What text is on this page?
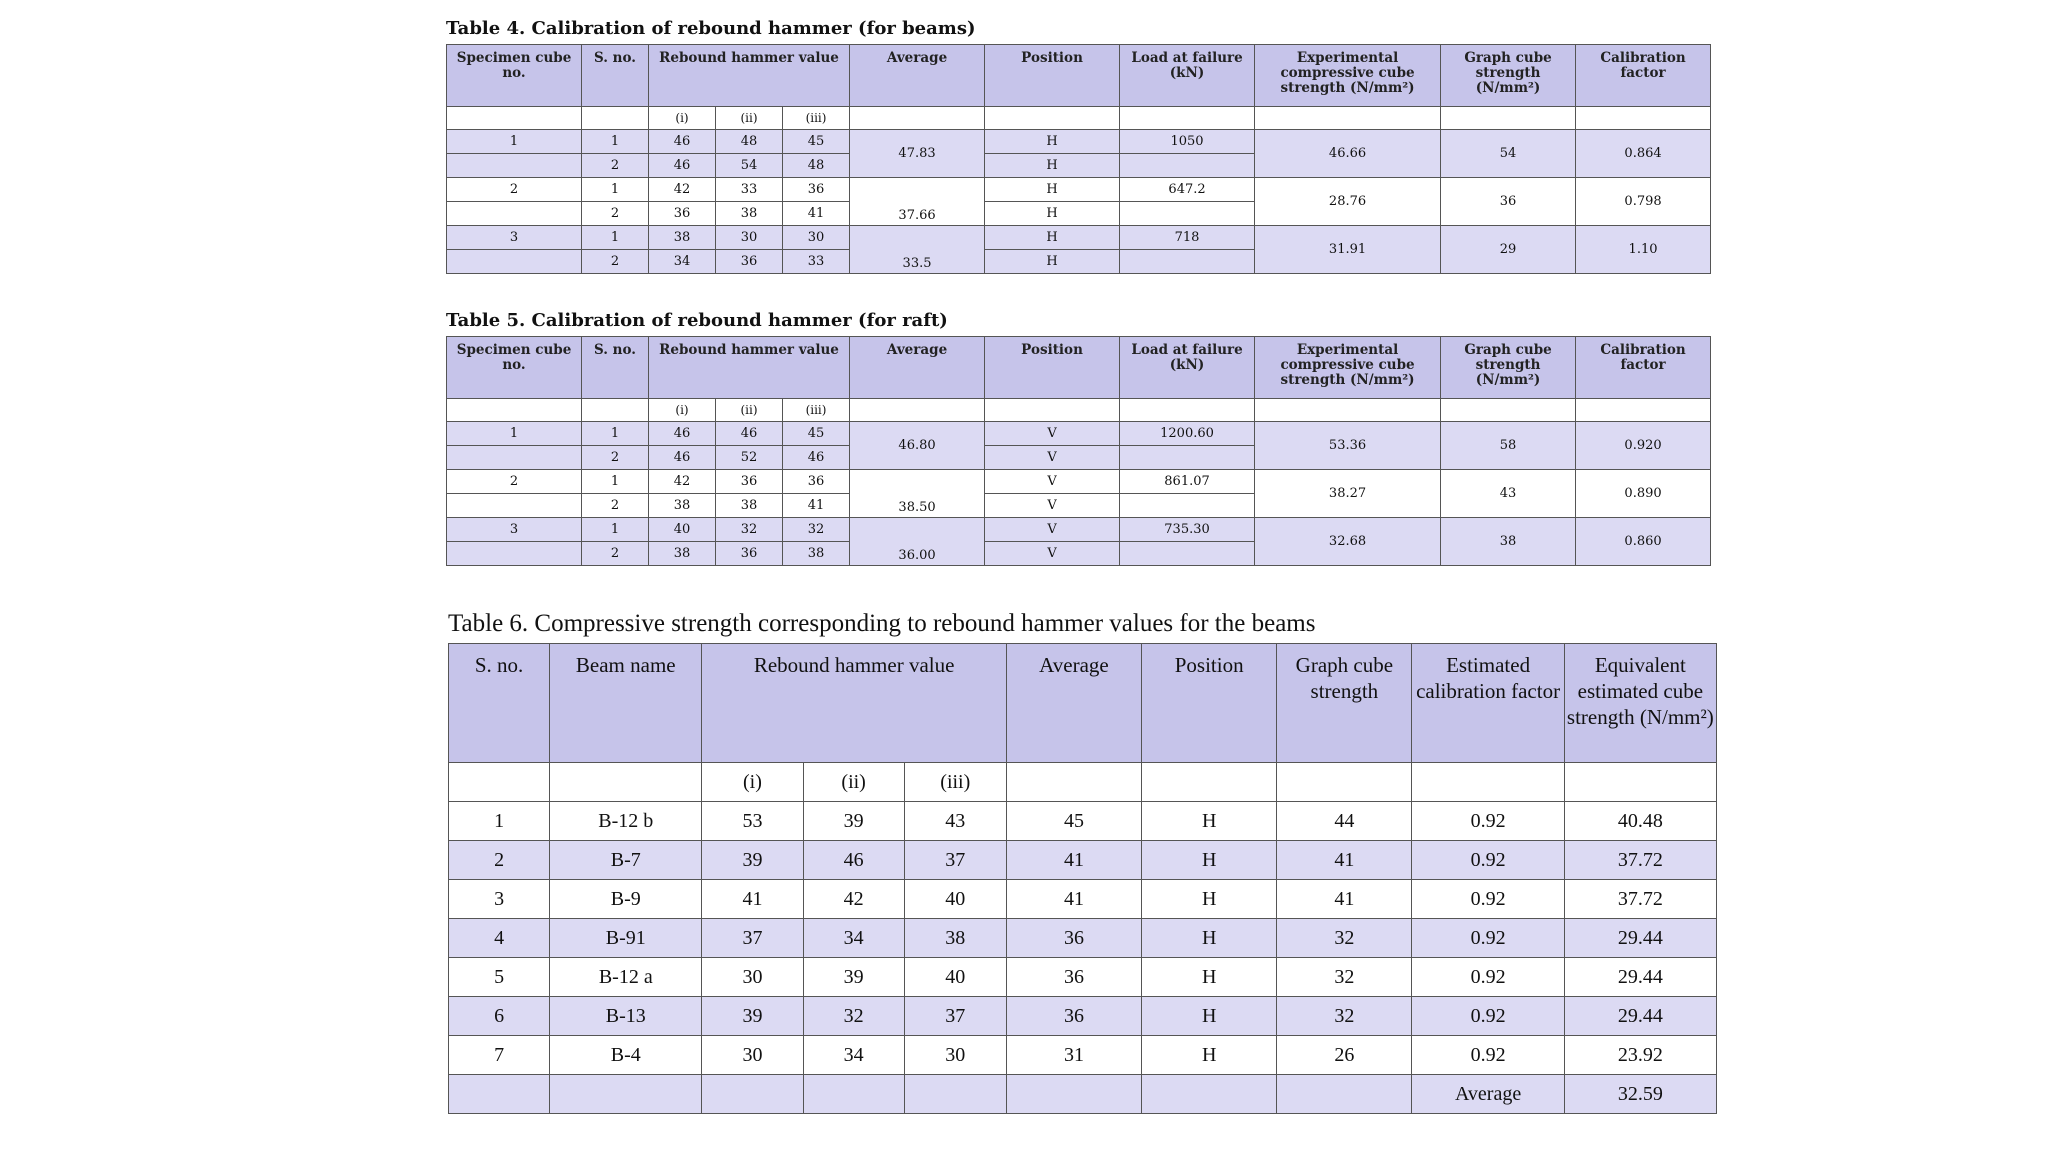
Table 4. Calibration of rebound hammer (for beams)
Specimen cube no.	S. no.	Rebound hammer value			Average	Position	Load at failure (kN)	Experimental compressive cube strength (N/mm²)	Graph cube strength (N/mm²)	Calibration factor
		(i)	(ii)	(iii)						
1	1	46	48	45	47.83	H	1050	46.66	54	0.864
	2	46	54	48		H				
2	1	42	33	36	37.66	H	647.2	28.76	36	0.798
	2	36	38	41		H				
3	1	38	30	30	33.5	H	718	31.91	29	1.10
	2	34	36	33		H				
Table 5. Calibration of rebound hammer (for raft)
Specimen cube no.	S. no.	Rebound hammer value			Average	Position	Load at failure (kN)	Experimental compressive cube strength (N/mm²)	Graph cube strength (N/mm²)	Calibration factor
		(i)	(ii)	(iii)						
1	1	46	46	45	46.80	V	1200.60	53.36	58	0.920
	2	46	52	46		V				
2	1	42	36	36	38.50	V	861.07	38.27	43	0.890
	2	38	38	41		V				
3	1	40	32	32	36.00	V	735.30	32.68	38	0.860
	2	38	36	38		V				
Table 6. Compressive strength corresponding to rebound hammer values for the beams
S. no.	Beam name	Rebound hammer value			Average	Position	Graph cube strength	Estimated calibration factor	Equivalent estimated cube strength (N/mm²)
		(i)	(ii)	(iii)					
1	B-12 b	53	39	43	45	H	44	0.92	40.48
2	B-7	39	46	37	41	H	41	0.92	37.72
3	B-9	41	42	40	41	H	41	0.92	37.72
4	B-91	37	34	38	36	H	32	0.92	29.44
5	B-12 a	30	39	40	36	H	32	0.92	29.44
6	B-13	39	32	37	36	H	32	0.92	29.44
7	B-4	30	34	30	31	H	26	0.92	23.92
								Average	32.59
